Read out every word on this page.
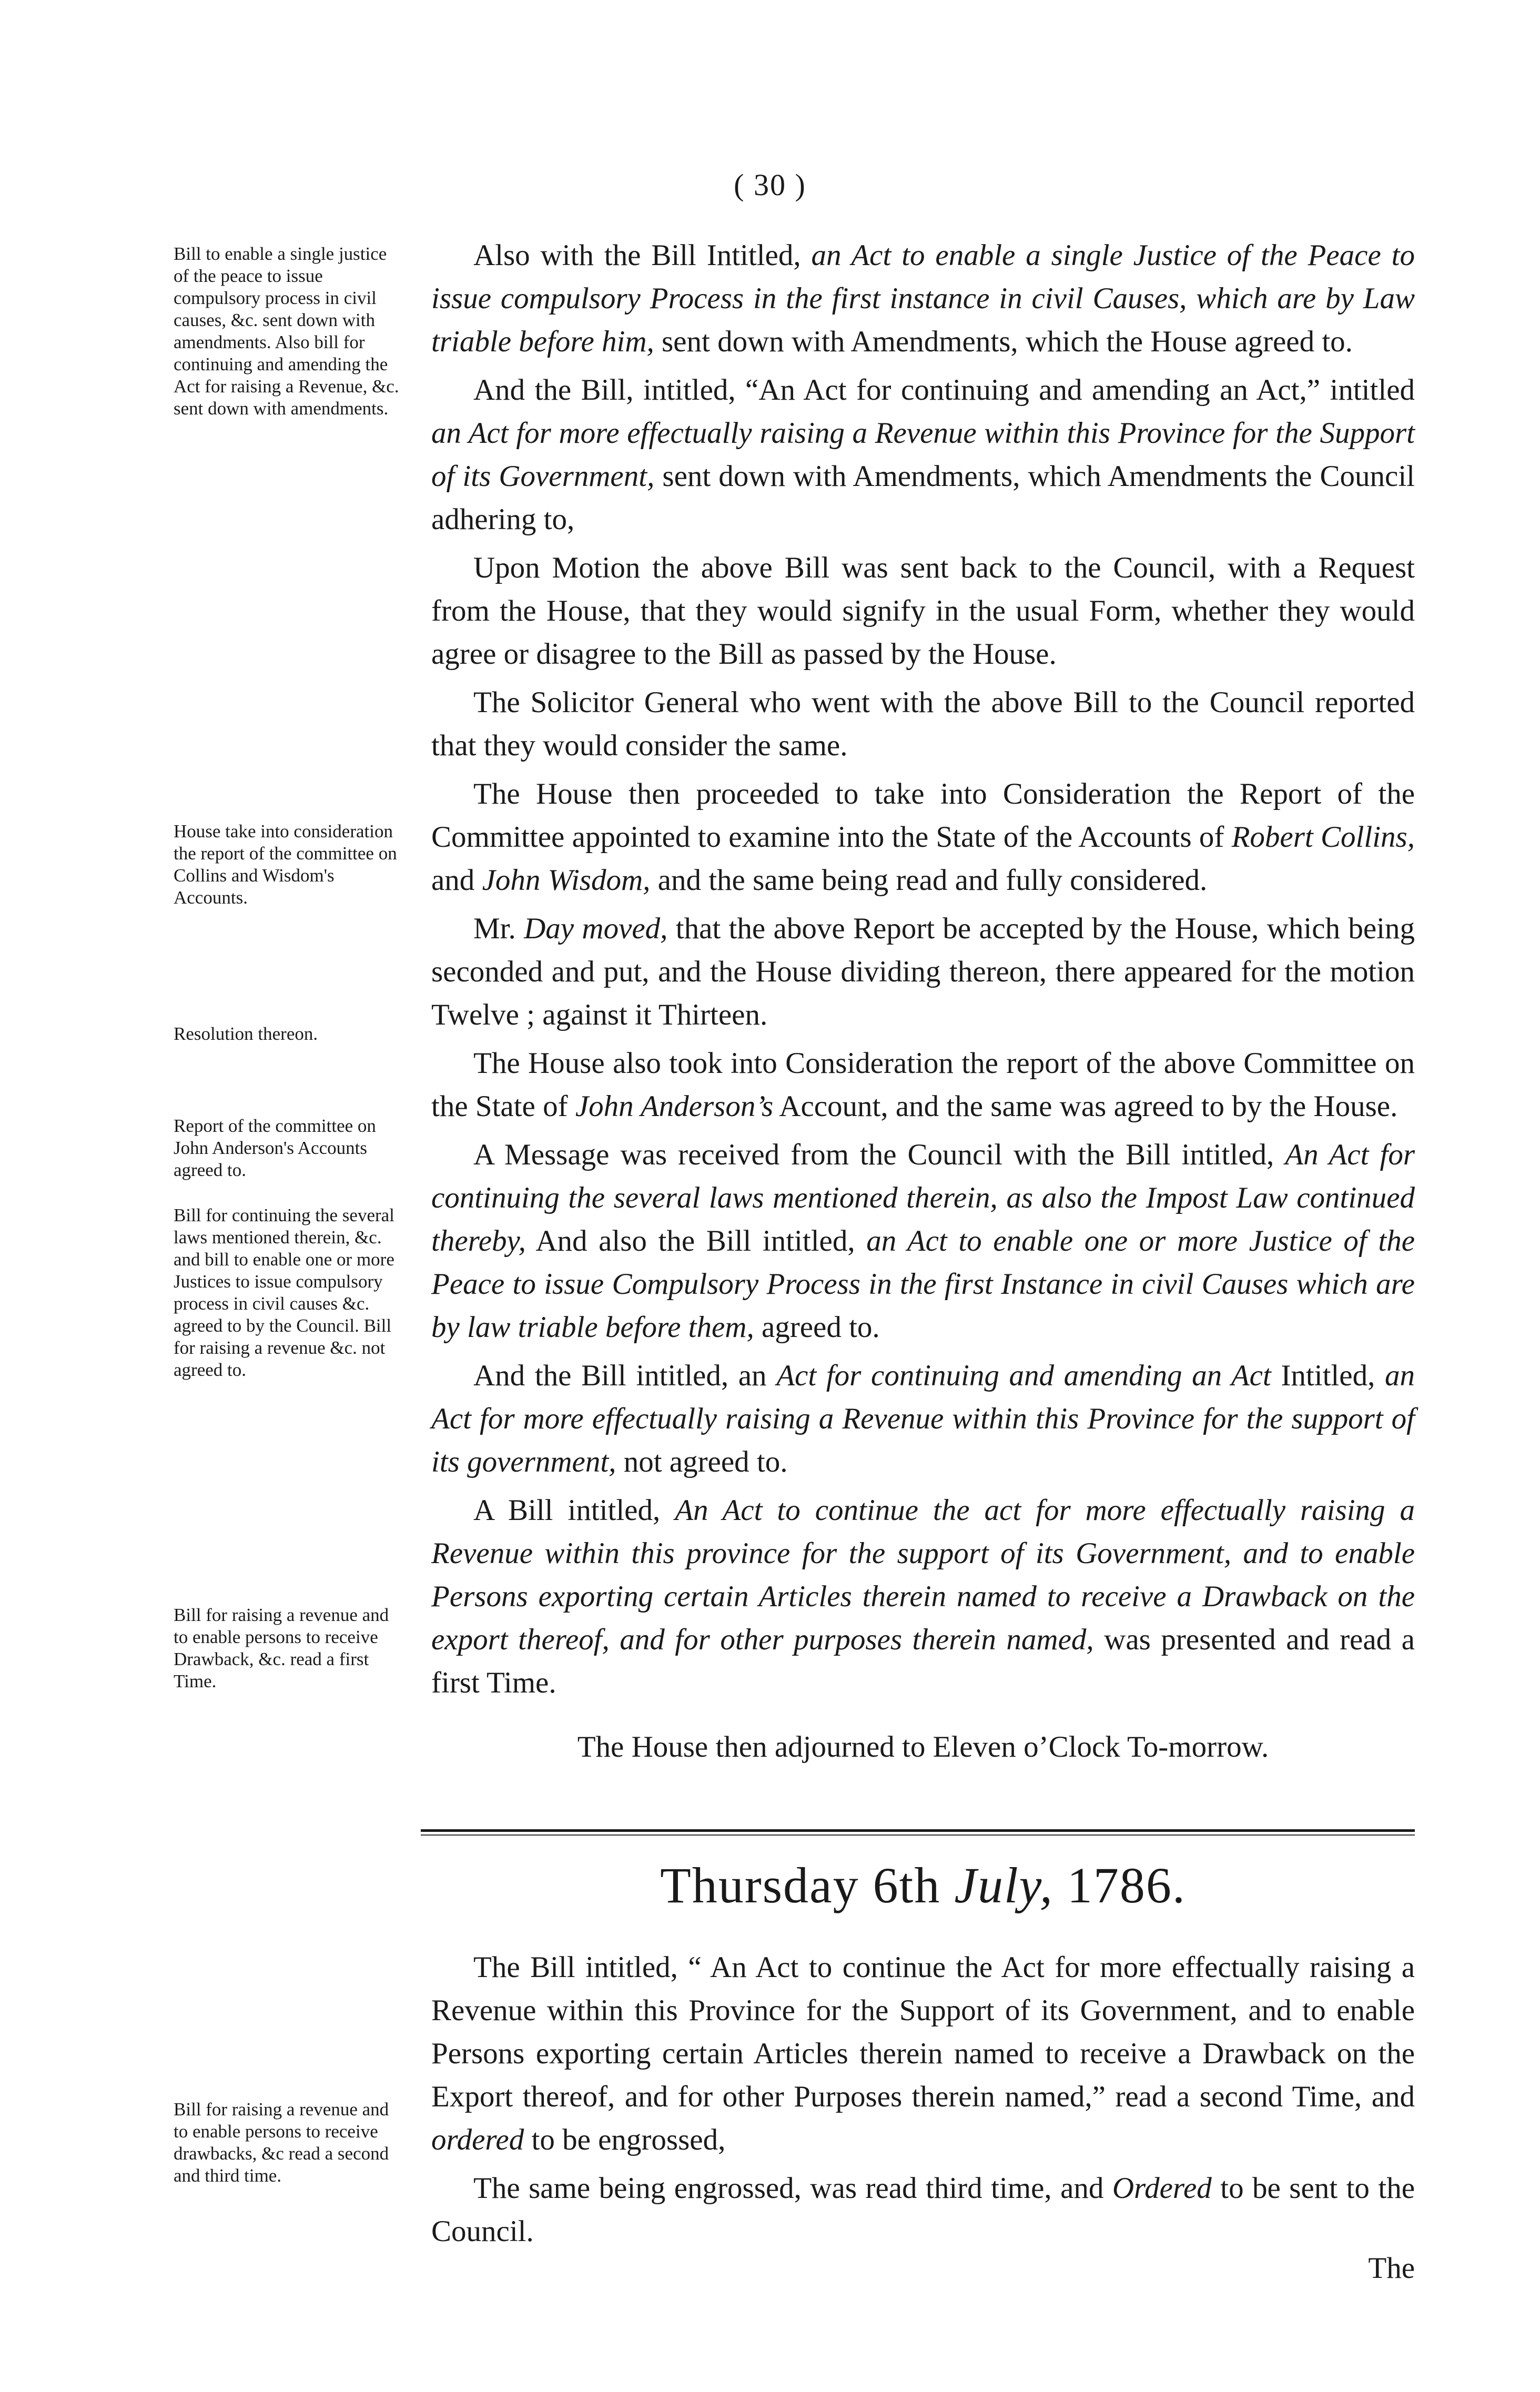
( 30 )
Bill to enable a single justice of the peace to issue compulsory process in civil causes, &c. sent down with amendments. Also bill for continuing and amending the Act for raising a Revenue, &c. sent down with amendments.
House take into consideration the report of the committee on Collins and Wisdom's Accounts.
Resolution thereon.
Report of the committee on John Anderson's Accounts agreed to.
Bill for continuing the several laws mentioned therein, &c. and bill to enable one or more Justices to issue compulsory process in civil causes &c. agreed to by the Council. Bill for raising a revenue &c. not agreed to.
Bill for raising a revenue and to enable persons to receive Drawback, &c. read a first Time.
Bill for raising a revenue and to enable persons to receive drawbacks, &c read a second and third time.

Also with the Bill Intitled, an Act to enable a single Justice of the Peace to issue compulsory Process in the first instance in civil Causes, which are by Law triable before him, sent down with Amendments, which the House agreed to.

And the Bill, intitled, “An Act for continuing and amending an Act,” intitled an Act for more effectually raising a Revenue within this Province for the Support of its Government, sent down with Amendments, which Amendments the Council adhering to,

Upon Motion the above Bill was sent back to the Council, with a Request from the House, that they would signify in the usual Form, whether they would agree or disagree to the Bill as passed by the House.

The Solicitor General who went with the above Bill to the Council reported that they would consider the same.

The House then proceeded to take into Consideration the Report of the Committee appointed to examine into the State of the Accounts of Robert Collins, and John Wisdom, and the same being read and fully considered.

Mr. Day moved, that the above Report be accepted by the House, which being seconded and put, and the House dividing thereon, there appeared for the motion Twelve ; against it Thirteen.

The House also took into Consideration the report of the above Committee on the State of John Anderson’s Account, and the same was agreed to by the House.

A Message was received from the Council with the Bill intitled, An Act for continuing the several laws mentioned therein, as also the Impost Law continued thereby, And also the Bill intitled, an Act to enable one or more Justice of the Peace to issue Compulsory Process in the first Instance in civil Causes which are by law triable before them, agreed to.

And the Bill intitled, an Act for continuing and amending an Act Intitled, an Act for more effectually raising a Revenue within this Province for the support of its government, not agreed to.

A Bill intitled, An Act to continue the act for more effectually raising a Revenue within this province for the support of its Government, and to enable Persons exporting certain Articles therein named to receive a Drawback on the export thereof, and for other purposes therein named, was presented and read a first Time.

The House then adjourned to Eleven o’Clock To-morrow.

Thursday 6th July, 1786.

The Bill intitled, “ An Act to continue the Act for more effectually raising a Revenue within this Province for the Support of its Government, and to enable Persons exporting certain Articles therein named to receive a Drawback on the Export thereof, and for other Purposes therein named,” read a second Time, and ordered to be engrossed,

The same being engrossed, was read third time, and Ordered to be sent to the Council.

The
